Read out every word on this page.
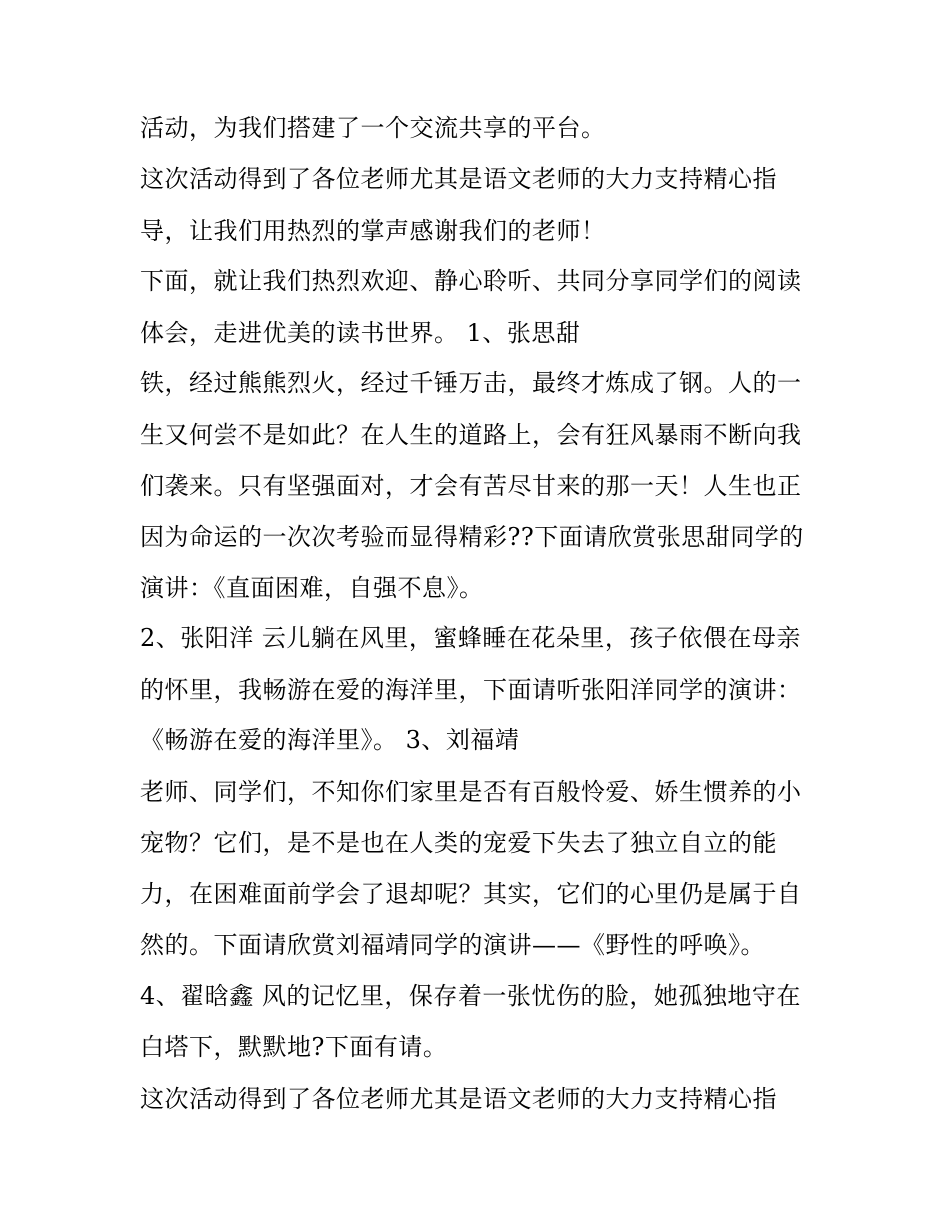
活动，为我们搭建了一个交流共享的平台。
这次活动得到了各位老师尤其是语文老师的大力支持精心指
导，让我们用热烈的掌声感谢我们的老师！
下面，就让我们热烈欢迎、静心聆听、共同分享同学们的阅读
体会，走进优美的读书世界。 1、张思甜
铁，经过熊熊烈火，经过千锤万击，最终才炼成了钢。人的一
生又何尝不是如此？在人生的道路上，会有狂风暴雨不断向我
们袭来。只有坚强面对，才会有苦尽甘来的那一天！人生也正
因为命运的一次次考验而显得精彩??下面请欣赏张思甜同学的
演讲：《直面困难，自强不息》。
2、张阳洋 云儿躺在风里，蜜蜂睡在花朵里，孩子依偎在母亲
的怀里，我畅游在爱的海洋里，下面请听张阳洋同学的演讲：
《畅游在爱的海洋里》。 3、刘福靖
老师、同学们，不知你们家里是否有百般怜爱、娇生惯养的小
宠物？它们，是不是也在人类的宠爱下失去了独立自立的能
力，在困难面前学会了退却呢？其实，它们的心里仍是属于自
然的。下面请欣赏刘福靖同学的演讲——《野性的呼唤》。
4、翟晗鑫 风的记忆里，保存着一张忧伤的脸，她孤独地守在
白塔下，默默地?下面有请。
这次活动得到了各位老师尤其是语文老师的大力支持精心指
